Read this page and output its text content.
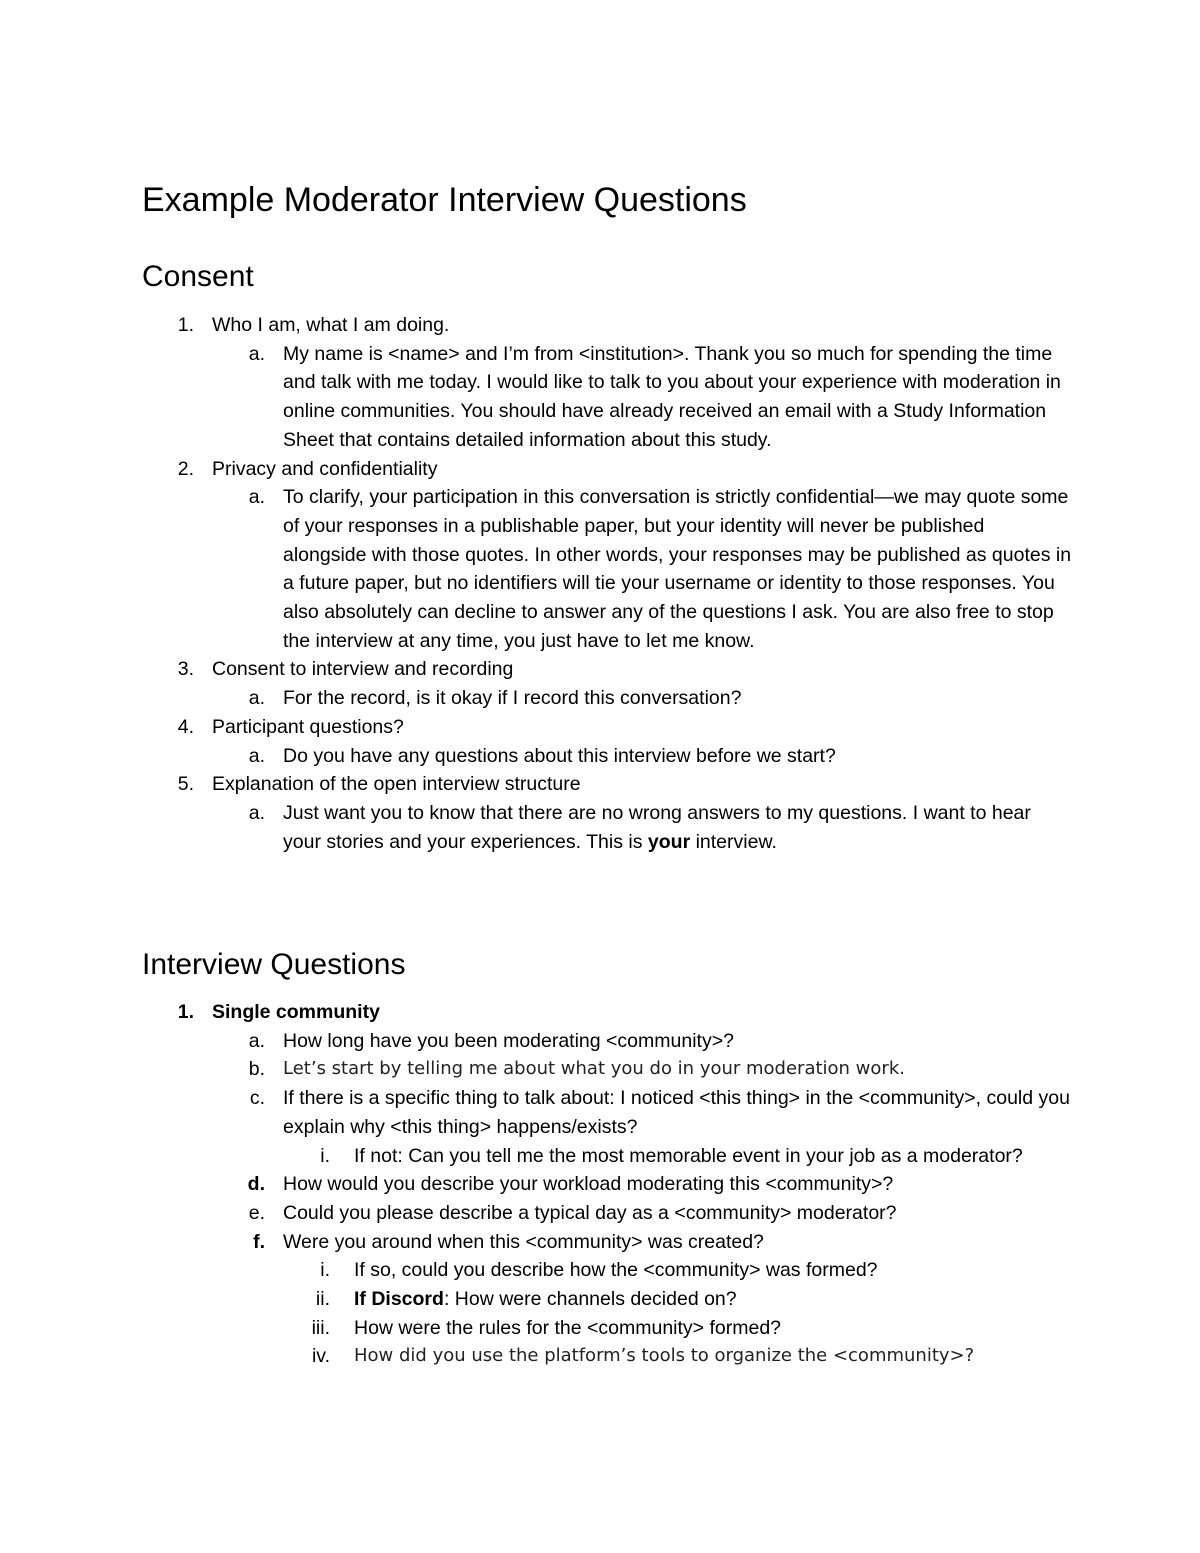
Example Moderator Interview Questions
Consent
1. Who I am, what I am doing.
a. My name is <name> and I’m from <institution>. Thank you so much for spending the time and talk with me today. I would like to talk to you about your experience with moderation in online communities. You should have already received an email with a Study Information Sheet that contains detailed information about this study.
2. Privacy and confidentiality
a. To clarify, your participation in this conversation is strictly confidential—we may quote some of your responses in a publishable paper, but your identity will never be published alongside with those quotes. In other words, your responses may be published as quotes in a future paper, but no identifiers will tie your username or identity to those responses. You also absolutely can decline to answer any of the questions I ask. You are also free to stop the interview at any time, you just have to let me know.
3. Consent to interview and recording
a. For the record, is it okay if I record this conversation?
4. Participant questions?
a. Do you have any questions about this interview before we start?
5. Explanation of the open interview structure
a. Just want you to know that there are no wrong answers to my questions. I want to hear your stories and your experiences. This is your interview.
Interview Questions
1. Single community
a. How long have you been moderating <community>?
b. Let’s start by telling me about what you do in your moderation work.
c. If there is a specific thing to talk about: I noticed <this thing> in the <community>, could you explain why <this thing> happens/exists?
i. If not: Can you tell me the most memorable event in your job as a moderator?
d. How would you describe your workload moderating this <community>?
e. Could you please describe a typical day as a <community> moderator?
f. Were you around when this <community> was created?
i. If so, could you describe how the <community> was formed?
ii. If Discord: How were channels decided on?
iii. How were the rules for the <community> formed?
iv. How did you use the platform’s tools to organize the <community>?
